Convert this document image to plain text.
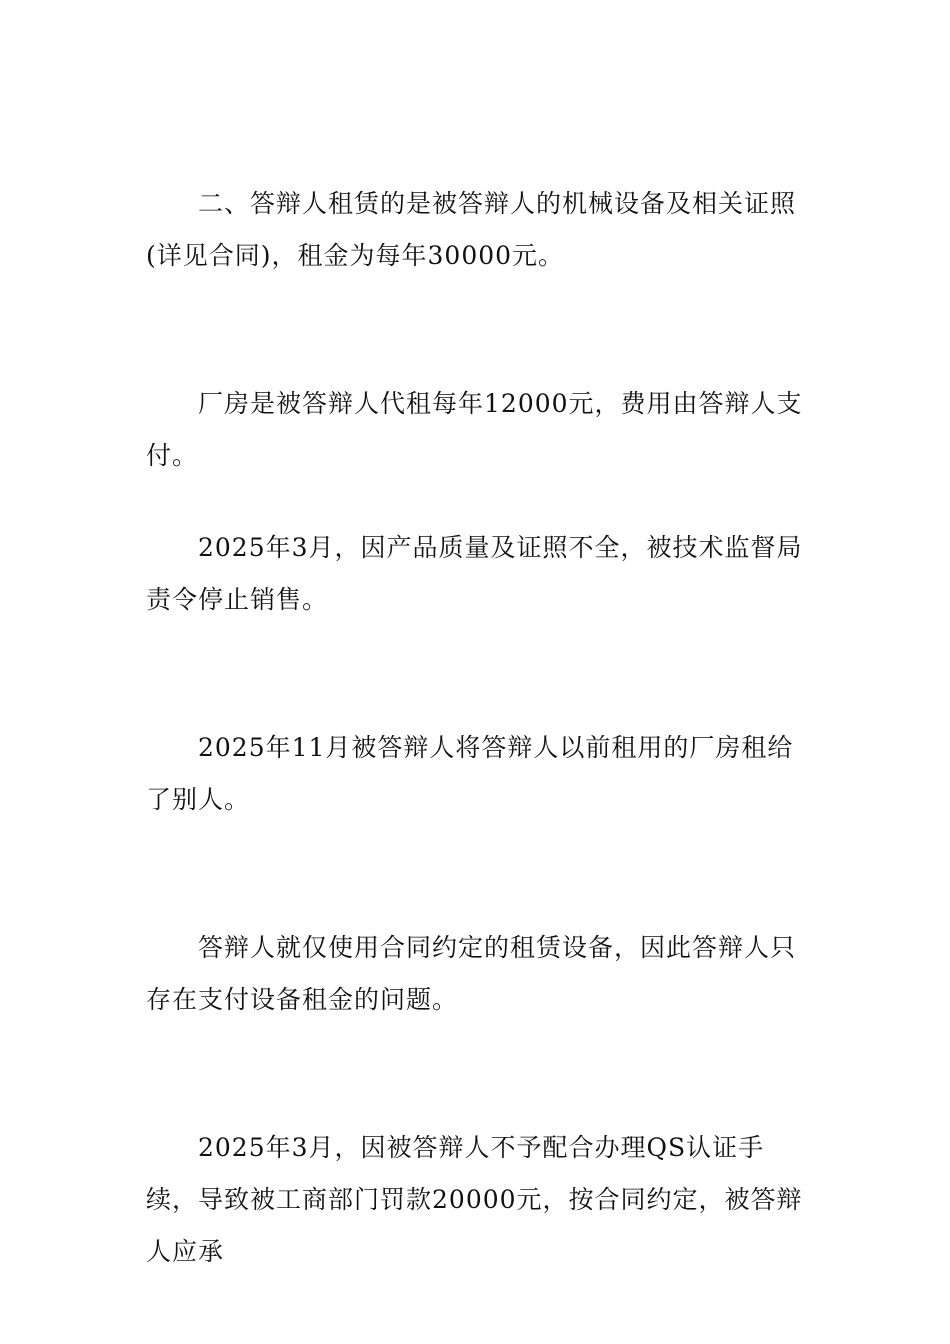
二、答辩人租赁的是被答辩人的机械设备及相关证照(详见合同)，租金为每年30000元。

厂房是被答辩人代租每年12000元，费用由答辩人支付。

2025年3月，因产品质量及证照不全，被技术监督局责令停止销售。

2025年11月被答辩人将答辩人以前租用的厂房租给了别人。

答辩人就仅使用合同约定的租赁设备，因此答辩人只存在支付设备租金的问题。

2025年3月，因被答辩人不予配合办理QS认证手续，导致被工商部门罚款20000元，按合同约定，被答辩人应承
